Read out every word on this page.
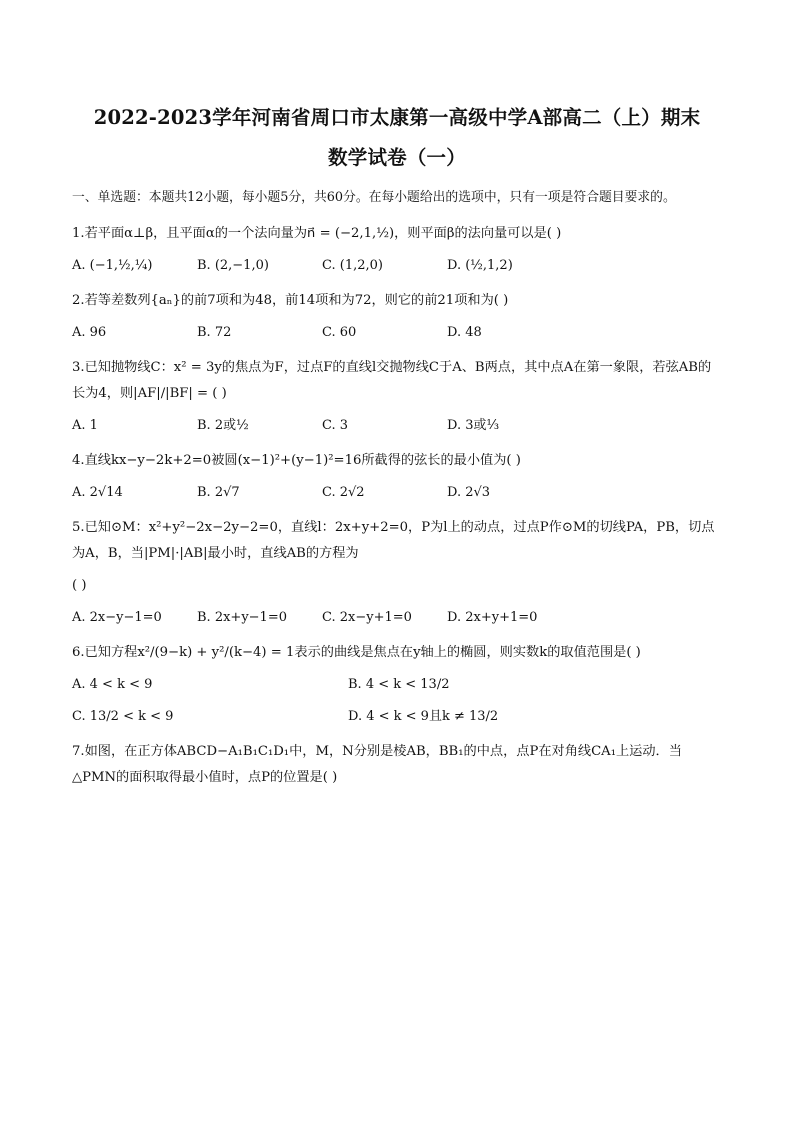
2022-2023学年河南省周口市太康第一高级中学A部高二（上）期末
数学试卷（一）
一、单选题：本题共12小题，每小题5分，共60分。在每小题给出的选项中，只有一项是符合题目要求的。
1.若平面α⊥β，且平面α的一个法向量为n⃗ = (−2,1,½)，则平面β的法向量可以是( )
A. (−1,½,¼)	B. (2,−1,0)	C. (1,2,0)	D. (½,1,2)
2.若等差数列{aₙ}的前7项和为48，前14项和为72，则它的前21项和为( )
A. 96	B. 72	C. 60	D. 48
3.已知抛物线C：x² = 3y的焦点为F，过点F的直线l交抛物线C于A、B两点，其中点A在第一象限，若弦AB的长为4，则|AF|/|BF| = ( )
A. 1	B. 2或½	C. 3	D. 3或⅓
4.直线kx−y−2k+2=0被圆(x−1)²+(y−1)²=16所截得的弦长的最小值为( )
A. 2√14	B. 2√7	C. 2√2	D. 2√3
5.已知⊙M：x²+y²−2x−2y−2=0，直线l：2x+y+2=0，P为l上的动点，过点P作⊙M的切线PA，PB，切点为A，B，当|PM|·|AB|最小时，直线AB的方程为
( )
A. 2x−y−1=0	B. 2x+y−1=0	C. 2x−y+1=0	D. 2x+y+1=0
6.已知方程x²/(9−k) + y²/(k−4) = 1表示的曲线是焦点在y轴上的椭圆，则实数k的取值范围是( )
A. 4 < k < 9	B. 4 < k < 13/2
C. 13/2 < k < 9	D. 4 < k < 9且k ≠ 13/2
7.如图，在正方体ABCD−A₁B₁C₁D₁中，M，N分别是棱AB，BB₁的中点，点P在对角线CA₁上运动．当△PMN的面积取得最小值时，点P的位置是( )
